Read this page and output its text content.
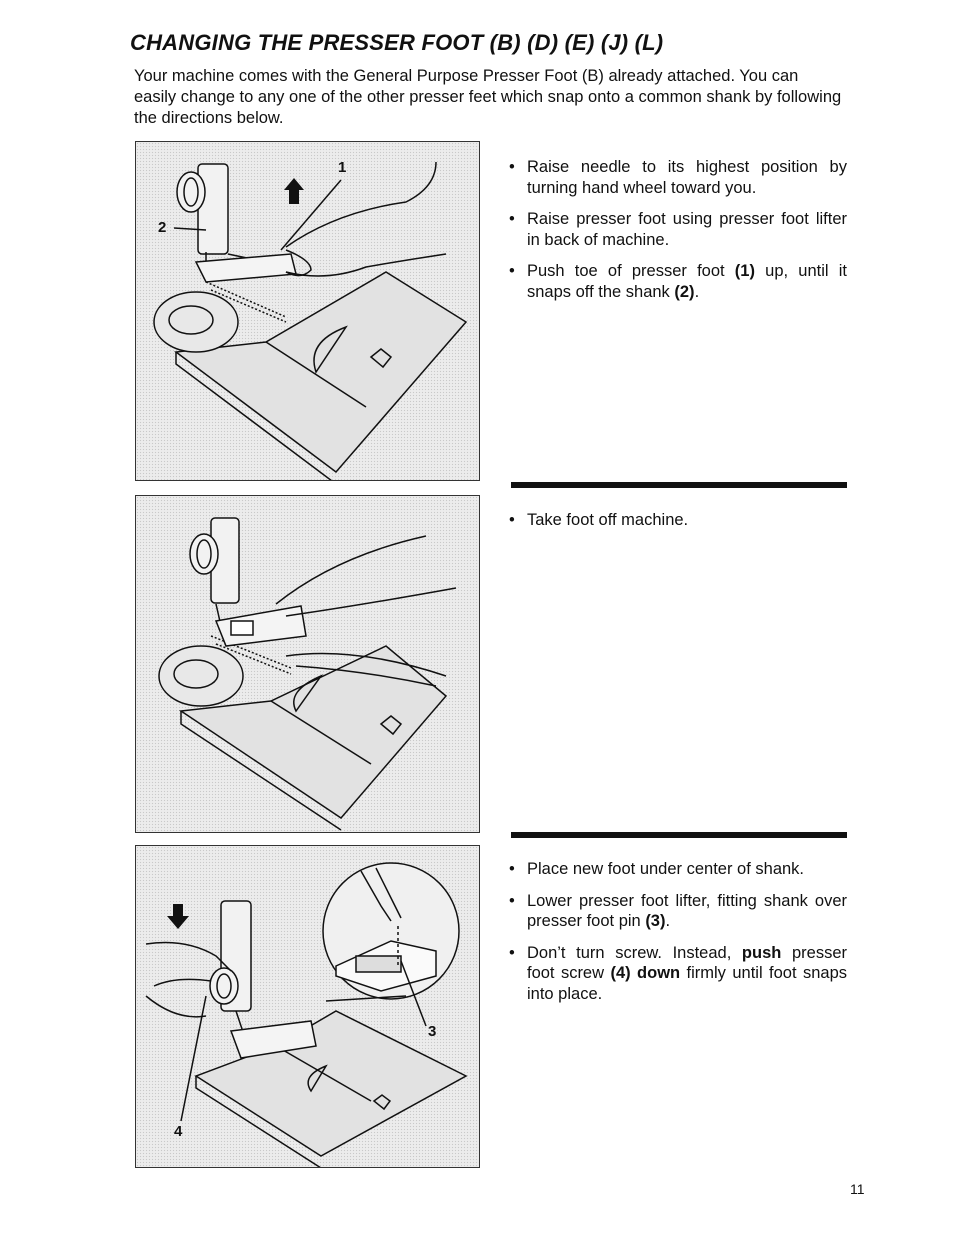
CHANGING THE PRESSER FOOT (B) (D) (E) (J) (L)
Your machine comes with the General Purpose Presser Foot (B) already attached. You can easily change to any one of the other presser feet which snap onto a common shank by following the directions below.
1
2
3
4
• Raise needle to its highest position by turning hand wheel toward you.
• Raise presser foot using presser foot lifter in back of machine.
• Push toe of presser foot (1) up, until it snaps off the shank (2).
• Take foot off machine.
• Place new foot under center of shank.
• Lower presser foot lifter, fitting shank over presser foot pin (3).
• Don’t turn screw. Instead, push presser foot screw (4) down firmly until foot snaps into place.
11
